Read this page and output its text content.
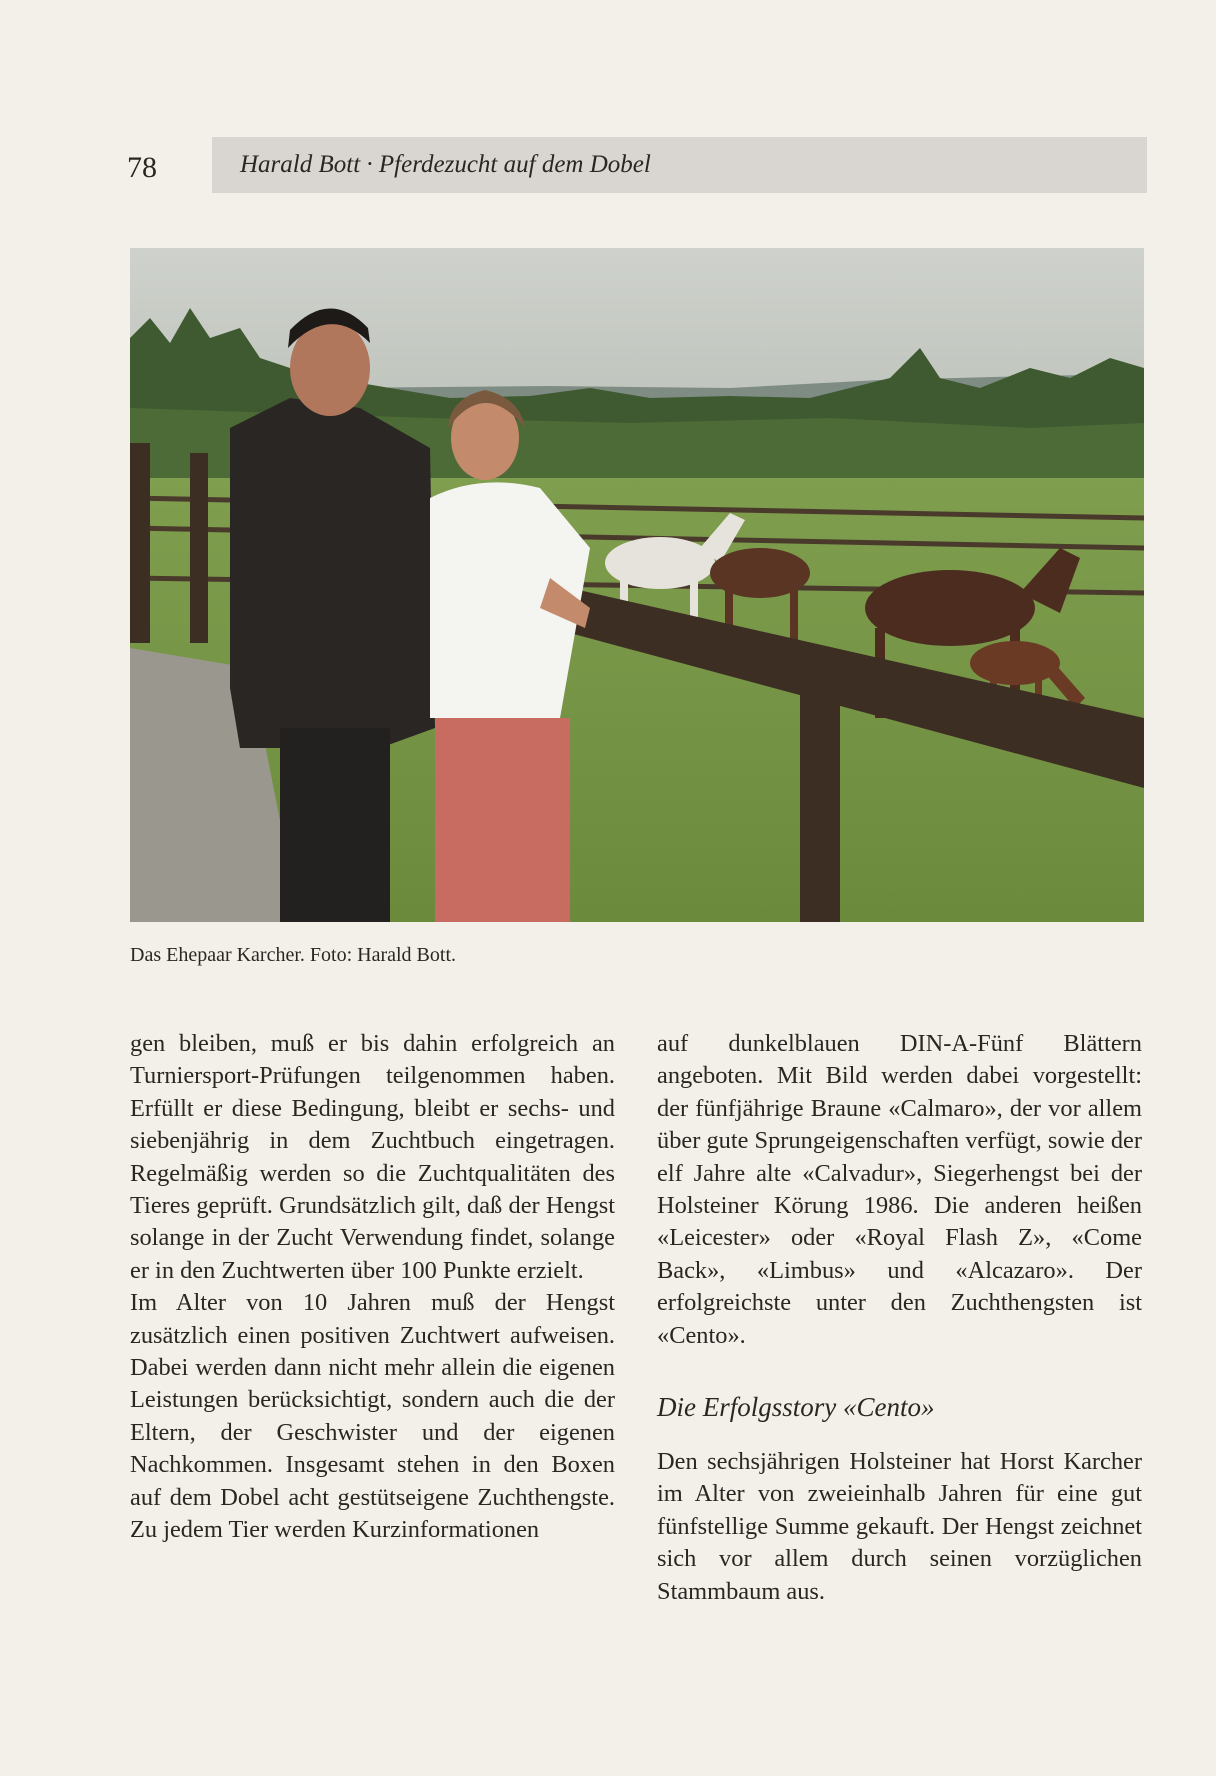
78	Harald Bott · Pferdezucht auf dem Dobel
Das Ehepaar Karcher. Foto: Harald Bott.

gen bleiben, muß er bis dahin erfolgreich an Turniersport-Prüfungen teilgenommen haben. Erfüllt er diese Bedingung, bleibt er sechs- und siebenjährig in dem Zuchtbuch eingetragen. Regelmäßig werden so die Zuchtqualitäten des Tieres geprüft. Grundsätzlich gilt, daß der Hengst solange in der Zucht Verwendung findet, solange er in den Zuchtwerten über 100 Punkte erzielt.

Im Alter von 10 Jahren muß der Hengst zusätzlich einen positiven Zuchtwert aufweisen. Dabei werden dann nicht mehr allein die eigenen Leistungen berücksichtigt, sondern auch die der Eltern, der Geschwister und der eigenen Nachkommen. Insgesamt stehen in den Boxen auf dem Dobel acht gestütseigene Zuchthengste. Zu jedem Tier werden Kurzinformationen

auf dunkelblauen DIN-A-Fünf Blättern angeboten. Mit Bild werden dabei vorgestellt: der fünfjährige Braune «Calmaro», der vor allem über gute Sprungeigenschaften verfügt, sowie der elf Jahre alte «Calvadur», Siegerhengst bei der Holsteiner Körung 1986. Die anderen heißen «Leicester» oder «Royal Flash Z», «Come Back», «Limbus» und «Alcazaro». Der erfolgreichste unter den Zuchthengsten ist «Cento».

Die Erfolgsstory «Cento»

Den sechsjährigen Holsteiner hat Horst Karcher im Alter von zweieinhalb Jahren für eine gut fünfstellige Summe gekauft. Der Hengst zeichnet sich vor allem durch seinen vorzüglichen Stammbaum aus.
